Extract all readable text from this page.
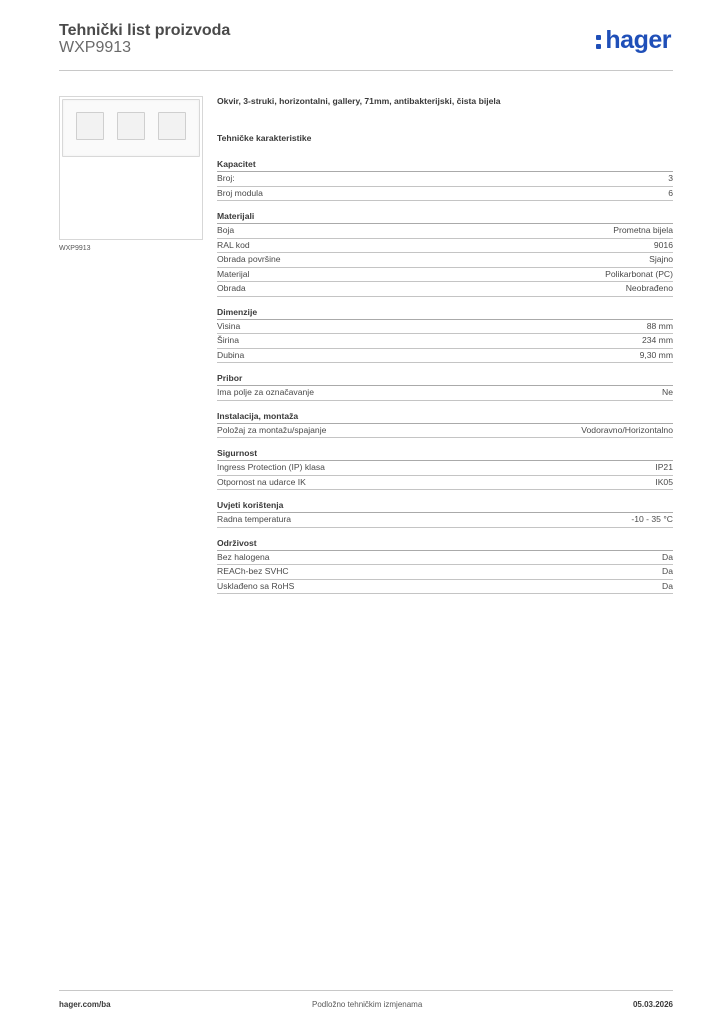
Tehnički list proizvoda
WXP9913	hager
WXP9913
Okvir, 3-struki, horizontalni, gallery, 71mm, antibakterijski, čista bijela
Tehničke karakteristike
Kapacitet
Broj:	3
Broj modula	6
Materijali
Boja	Prometna bijela
RAL kod	9016
Obrada površine	Sjajno
Materijal	Polikarbonat (PC)
Obrada	Neobrađeno
Dimenzije
Visina	88 mm
Širina	234 mm
Dubina	9,30 mm
Pribor
Ima polje za označavanje	Ne
Instalacija, montaža
Položaj za montažu/spajanje	Vodoravno/Horizontalno
Sigurnost
Ingress Protection (IP) klasa	IP21
Otpornost na udarce IK	IK05
Uvjeti korištenja
Radna temperatura	-10 - 35 °C
Održivost
Bez halogena	Da
REACh-bez SVHC	Da
Usklađeno sa RoHS	Da
hager.com/ba	Podložno tehničkim izmjenama	05.03.2026
